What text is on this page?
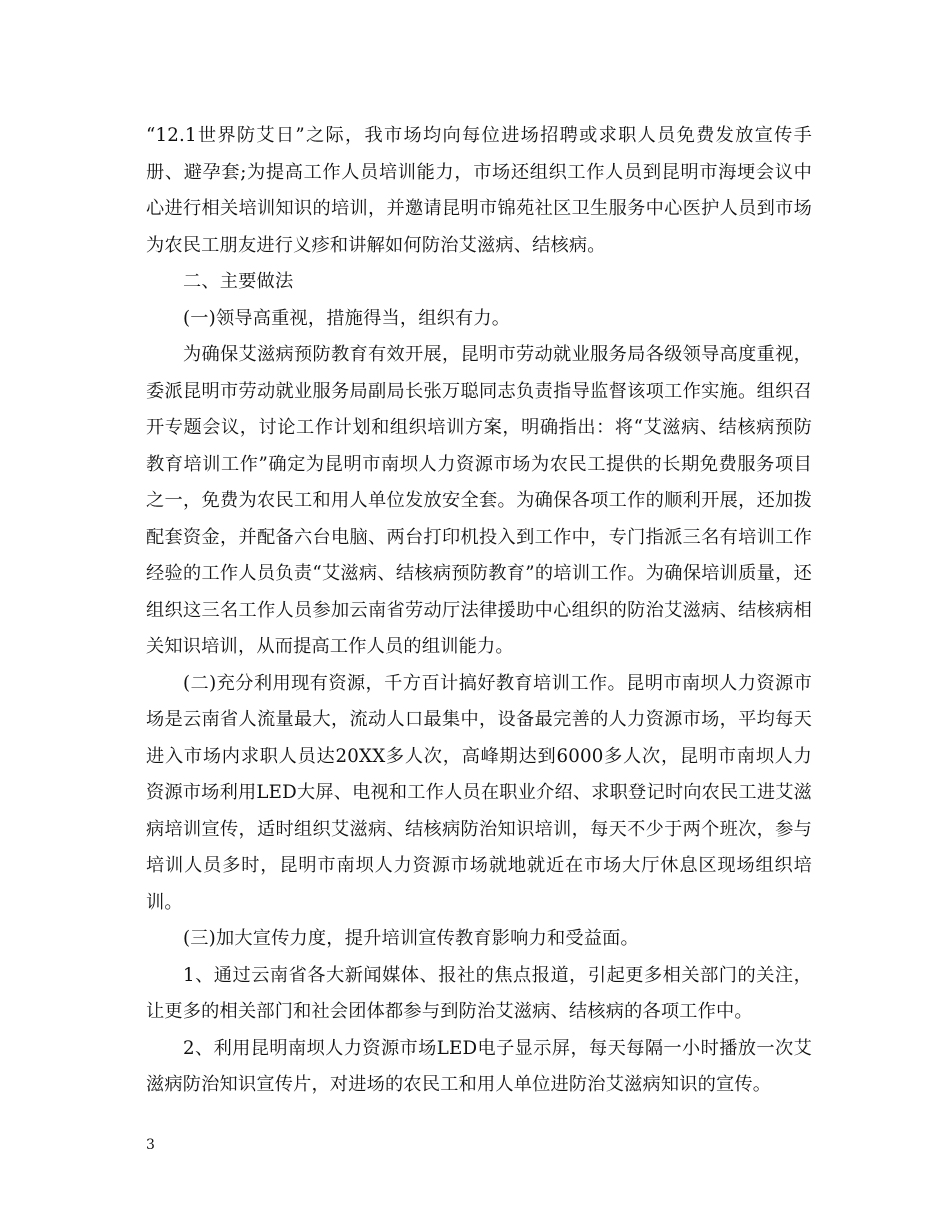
“12.1世界防艾日”之际，我市场均向每位进场招聘或求职人员免费发放宣传手册、避孕套;为提高工作人员培训能力，市场还组织工作人员到昆明市海埂会议中心进行相关培训知识的培训，并邀请昆明市锦苑社区卫生服务中心医护人员到市场为农民工朋友进行义疹和讲解如何防治艾滋病、结核病。

二、主要做法

(一)领导高重视，措施得当，组织有力。

为确保艾滋病预防教育有效开展，昆明市劳动就业服务局各级领导高度重视，委派昆明市劳动就业服务局副局长张万聪同志负责指导监督该项工作实施。组织召开专题会议，讨论工作计划和组织培训方案，明确指出：将“艾滋病、结核病预防教育培训工作”确定为昆明市南坝人力资源市场为农民工提供的长期免费服务项目之一，免费为农民工和用人单位发放安全套。为确保各项工作的顺利开展，还加拨配套资金，并配备六台电脑、两台打印机投入到工作中，专门指派三名有培训工作经验的工作人员负责“艾滋病、结核病预防教育”的培训工作。为确保培训质量，还组织这三名工作人员参加云南省劳动厅法律援助中心组织的防治艾滋病、结核病相关知识培训，从而提高工作人员的组训能力。

(二)充分利用现有资源，千方百计搞好教育培训工作。昆明市南坝人力资源市场是云南省人流量最大，流动人口最集中，设备最完善的人力资源市场，平均每天进入市场内求职人员达20XX多人次，高峰期达到6000多人次，昆明市南坝人力资源市场利用LED大屏、电视和工作人员在职业介绍、求职登记时向农民工进艾滋病培训宣传，适时组织艾滋病、结核病防治知识培训，每天不少于两个班次，参与培训人员多时，昆明市南坝人力资源市场就地就近在市场大厅休息区现场组织培训。

(三)加大宣传力度，提升培训宣传教育影响力和受益面。

1、通过云南省各大新闻媒体、报社的焦点报道，引起更多相关部门的关注，让更多的相关部门和社会团体都参与到防治艾滋病、结核病的各项工作中。

2、利用昆明南坝人力资源市场LED电子显示屏，每天每隔一小时播放一次艾滋病防治知识宣传片，对进场的农民工和用人单位进防治艾滋病知识的宣传。

3
